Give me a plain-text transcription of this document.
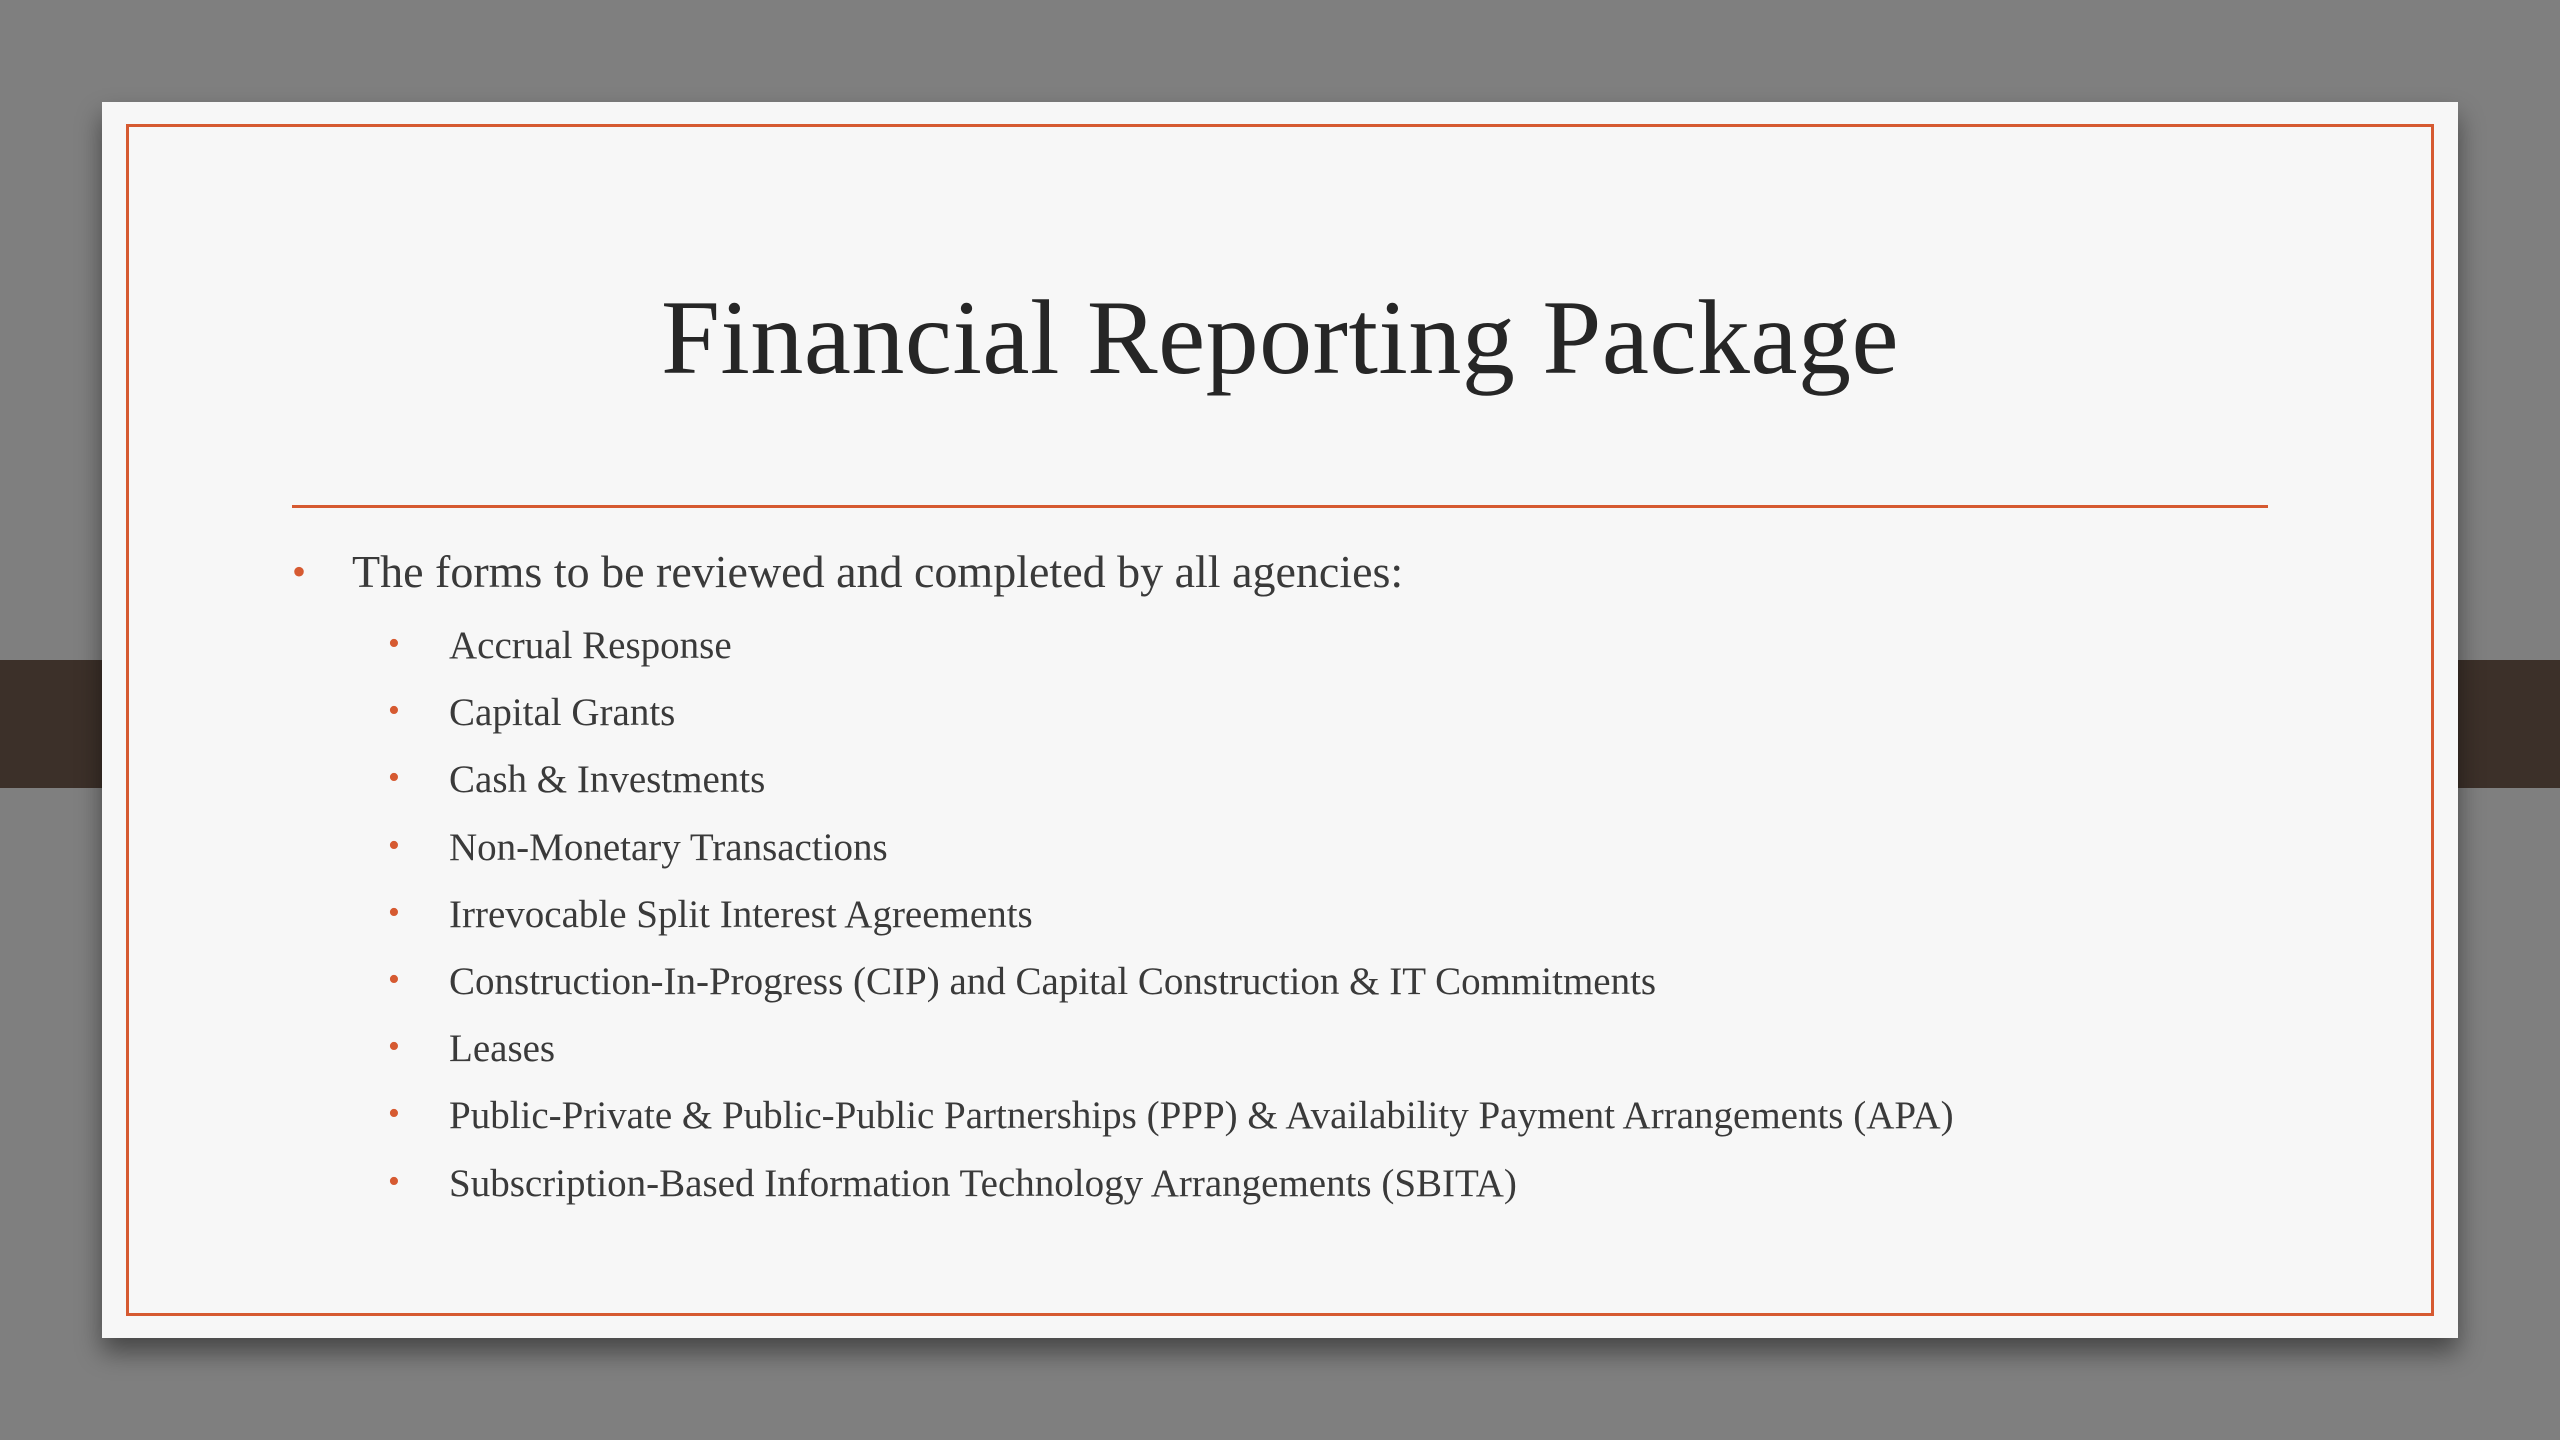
Financial Reporting Package
• The forms to be reviewed and completed by all agencies:
• Accrual Response
• Capital Grants
• Cash & Investments
• Non-Monetary Transactions
• Irrevocable Split Interest Agreements
• Construction-In-Progress (CIP) and Capital Construction & IT Commitments
• Leases
• Public-Private & Public-Public Partnerships (PPP) & Availability Payment Arrangements (APA)
• Subscription-Based Information Technology Arrangements (SBITA)
